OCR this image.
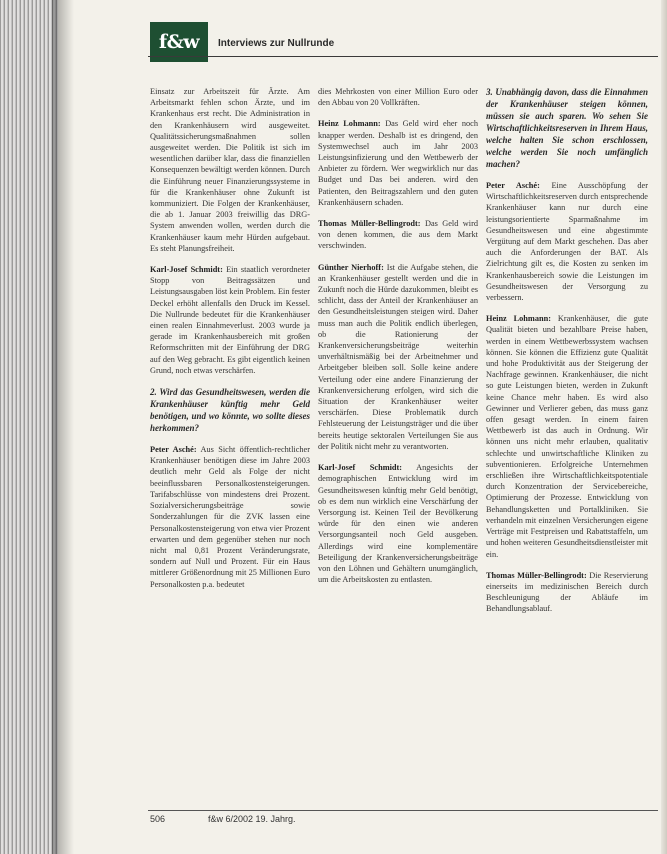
f&w	Interviews zur Nullrunde

Einsatz zur Arbeitszeit für Ärzte. Am Arbeitsmarkt fehlen schon Ärzte, und im Krankenhaus erst recht. Die Administration in den Krankenhäusern wird ausgeweitet. Qualitätssicherungsmaßnahmen sollen ausgeweitet werden. Die Politik ist sich im wesentlichen darüber klar, dass die finanziellen Konsequenzen bewältigt werden können. Durch die Einführung neuer Finanzierungssysteme in für die Krankenhäuser ohne Zukunft ist kommuniziert. Die Folgen der Krankenhäuser, die ab 1. Januar 2003 freiwillig das DRG-System anwenden wollen, werden durch die Krankenhäuser kaum mehr Hürden aufgebaut. Es steht Planungsfreiheit.

Karl-Josef Schmidt: Ein staatlich verordneter Stopp von Beitragssätzen und Leistungsausgaben löst kein Problem. Ein fester Deckel erhöht allenfalls den Druck im Kessel. Die Nullrunde bedeutet für die Krankenhäuser einen realen Einnahmeverlust. 2003 wurde ja gerade im Krankenhausbereich mit großen Reformschritten mit der Einführung der DRG auf den Weg gebracht. Es gibt eigentlich keinen Grund, noch etwas verschärfen.

2. Wird das Gesundheitswesen, werden die Krankenhäuser künftig mehr Geld benötigen, und wo könnte, wo sollte dieses herkommen?

Peter Asché: Aus Sicht öffentlich-rechtlicher Krankenhäuser benötigen diese im Jahre 2003 deutlich mehr Geld als Folge der nicht beeinflussbaren Personalkostensteigerungen. Tarifabschlüsse von mindestens drei Prozent. Sozialversicherungsbeiträge sowie Sonderzahlungen für die ZVK lassen eine Personalkostensteigerung von etwa vier Prozent erwarten und dem gegenüber stehen nur noch nicht mal 0,81 Prozent Veränderungsrate, sondern auf Null und Prozent. Für ein Haus mittlerer Größenordnung mit 25 Millionen Euro Personalkosten p.a. bedeutet

dies Mehrkosten von einer Million Euro oder den Abbau von 20 Vollkräften.

Heinz Lohmann: Das Geld wird eher noch knapper werden. Deshalb ist es dringend, den Systemwechsel auch im Jahr 2003 Leistungsinfizierung und den Wettbewerb der Anbieter zu fördern. Wer wegwirklich nur das Budget und Das bei anderen. wird den Patienten, den Beitragszahlern und den guten Krankenhäusern schaden.

Thomas Müller-Bellingrodt: Das Geld wird von denen kommen, die aus dem Markt verschwinden.

Günther Nierhoff: Ist die Aufgabe stehen, die an Krankenhäuser gestellt werden und die in Zukunft noch die Hürde dazukommen, bleibt es schlicht, dass der Anteil der Krankenhäuser an den Gesundheitsleistungen steigen wird. Daher muss man auch die Politik endlich überlegen, ob die Rationierung der Krankenversicherungsbeiträge weiterhin unverhältnismäßig bei der Arbeitnehmer und Arbeitgeber bleiben soll. Solle keine andere Verteilung oder eine andere Finanzierung der Krankenversicherung erfolgen, wird sich die Situation der Krankenhäuser weiter verschärfen. Diese Problematik durch Fehlsteuerung der Leistungsträger und die über bereits heutige sektoralen Verteilungen Sie aus der Politik nicht mehr zu verantworten.

Karl-Josef Schmidt: Angesichts der demographischen Entwicklung wird im Gesundheitswesen künftig mehr Geld benötigt, ob es dem nun wirklich eine Verschärfung der Versorgung ist. Keinen Teil der Bevölkerung würde für den einen wie anderen Versorgungsanteil noch Geld ausgeben. Allerdings wird eine komplementäre Beteiligung der Krankenversicherungsbeiträge von den Löhnen und Gehältern unumgänglich, um die Arbeitskosten zu entlasten.

3. Unabhängig davon, dass die Einnahmen der Krankenhäuser steigen können, müssen sie auch sparen. Wo sehen Sie Wirtschaftlichkeitsreserven in Ihrem Haus, welche halten Sie schon erschlossen, welche werden Sie noch umfänglich machen?

Peter Asché: Eine Ausschöpfung der Wirtschaftlichkeitsreserven durch entsprechende Krankenhäuser kann nur durch eine leistungsorientierte Sparmaßnahme im Gesundheitswesen und eine abgestimmte Vergütung auf dem Markt geschehen. Das aber auch die Anforderungen der BAT. Als Zielrichtung gilt es, die Kosten zu senken im Krankenhausbereich sowie die Leistungen im Gesundheitswesen der Versorgung zu verbessern.

Heinz Lohmann: Krankenhäuser, die gute Qualität bieten und bezahlbare Preise haben, werden in einem Wettbewerbssystem wachsen können. Sie können die Effizienz gute Qualität und hohe Produktivität aus der Steigerung der Nachfrage gewinnen. Krankenhäuser, die nicht so gute Leistungen bieten, werden in Zukunft keine Chance mehr haben. Es wird also Gewinner und Verlierer geben, das muss ganz offen gesagt werden. In einem fairen Wettbewerb ist das auch in Ordnung. Wir können uns nicht mehr erlauben, qualitativ schlechte und unwirtschaftliche Kliniken zu subventionieren. Erfolgreiche Unternehmen erschließen ihre Wirtschaftlichkeitspotentiale durch Konzentration der Servicebereiche, Optimierung der Prozesse. Entwicklung von Behandlungsketten und Portalkliniken. Sie verhandeln mit einzelnen Versicherungen eigene Verträge mit Festpreisen und Rabattstaffeln, um und hohen weiteren Gesundheitsdienstleister mit ein.

Thomas Müller-Bellingrodt: Die Reservierung einerseits im medizinischen Bereich durch Beschleunigung der Abläufe im Behandlungsablauf.

506	f&w 6/2002 19. Jahrg.
